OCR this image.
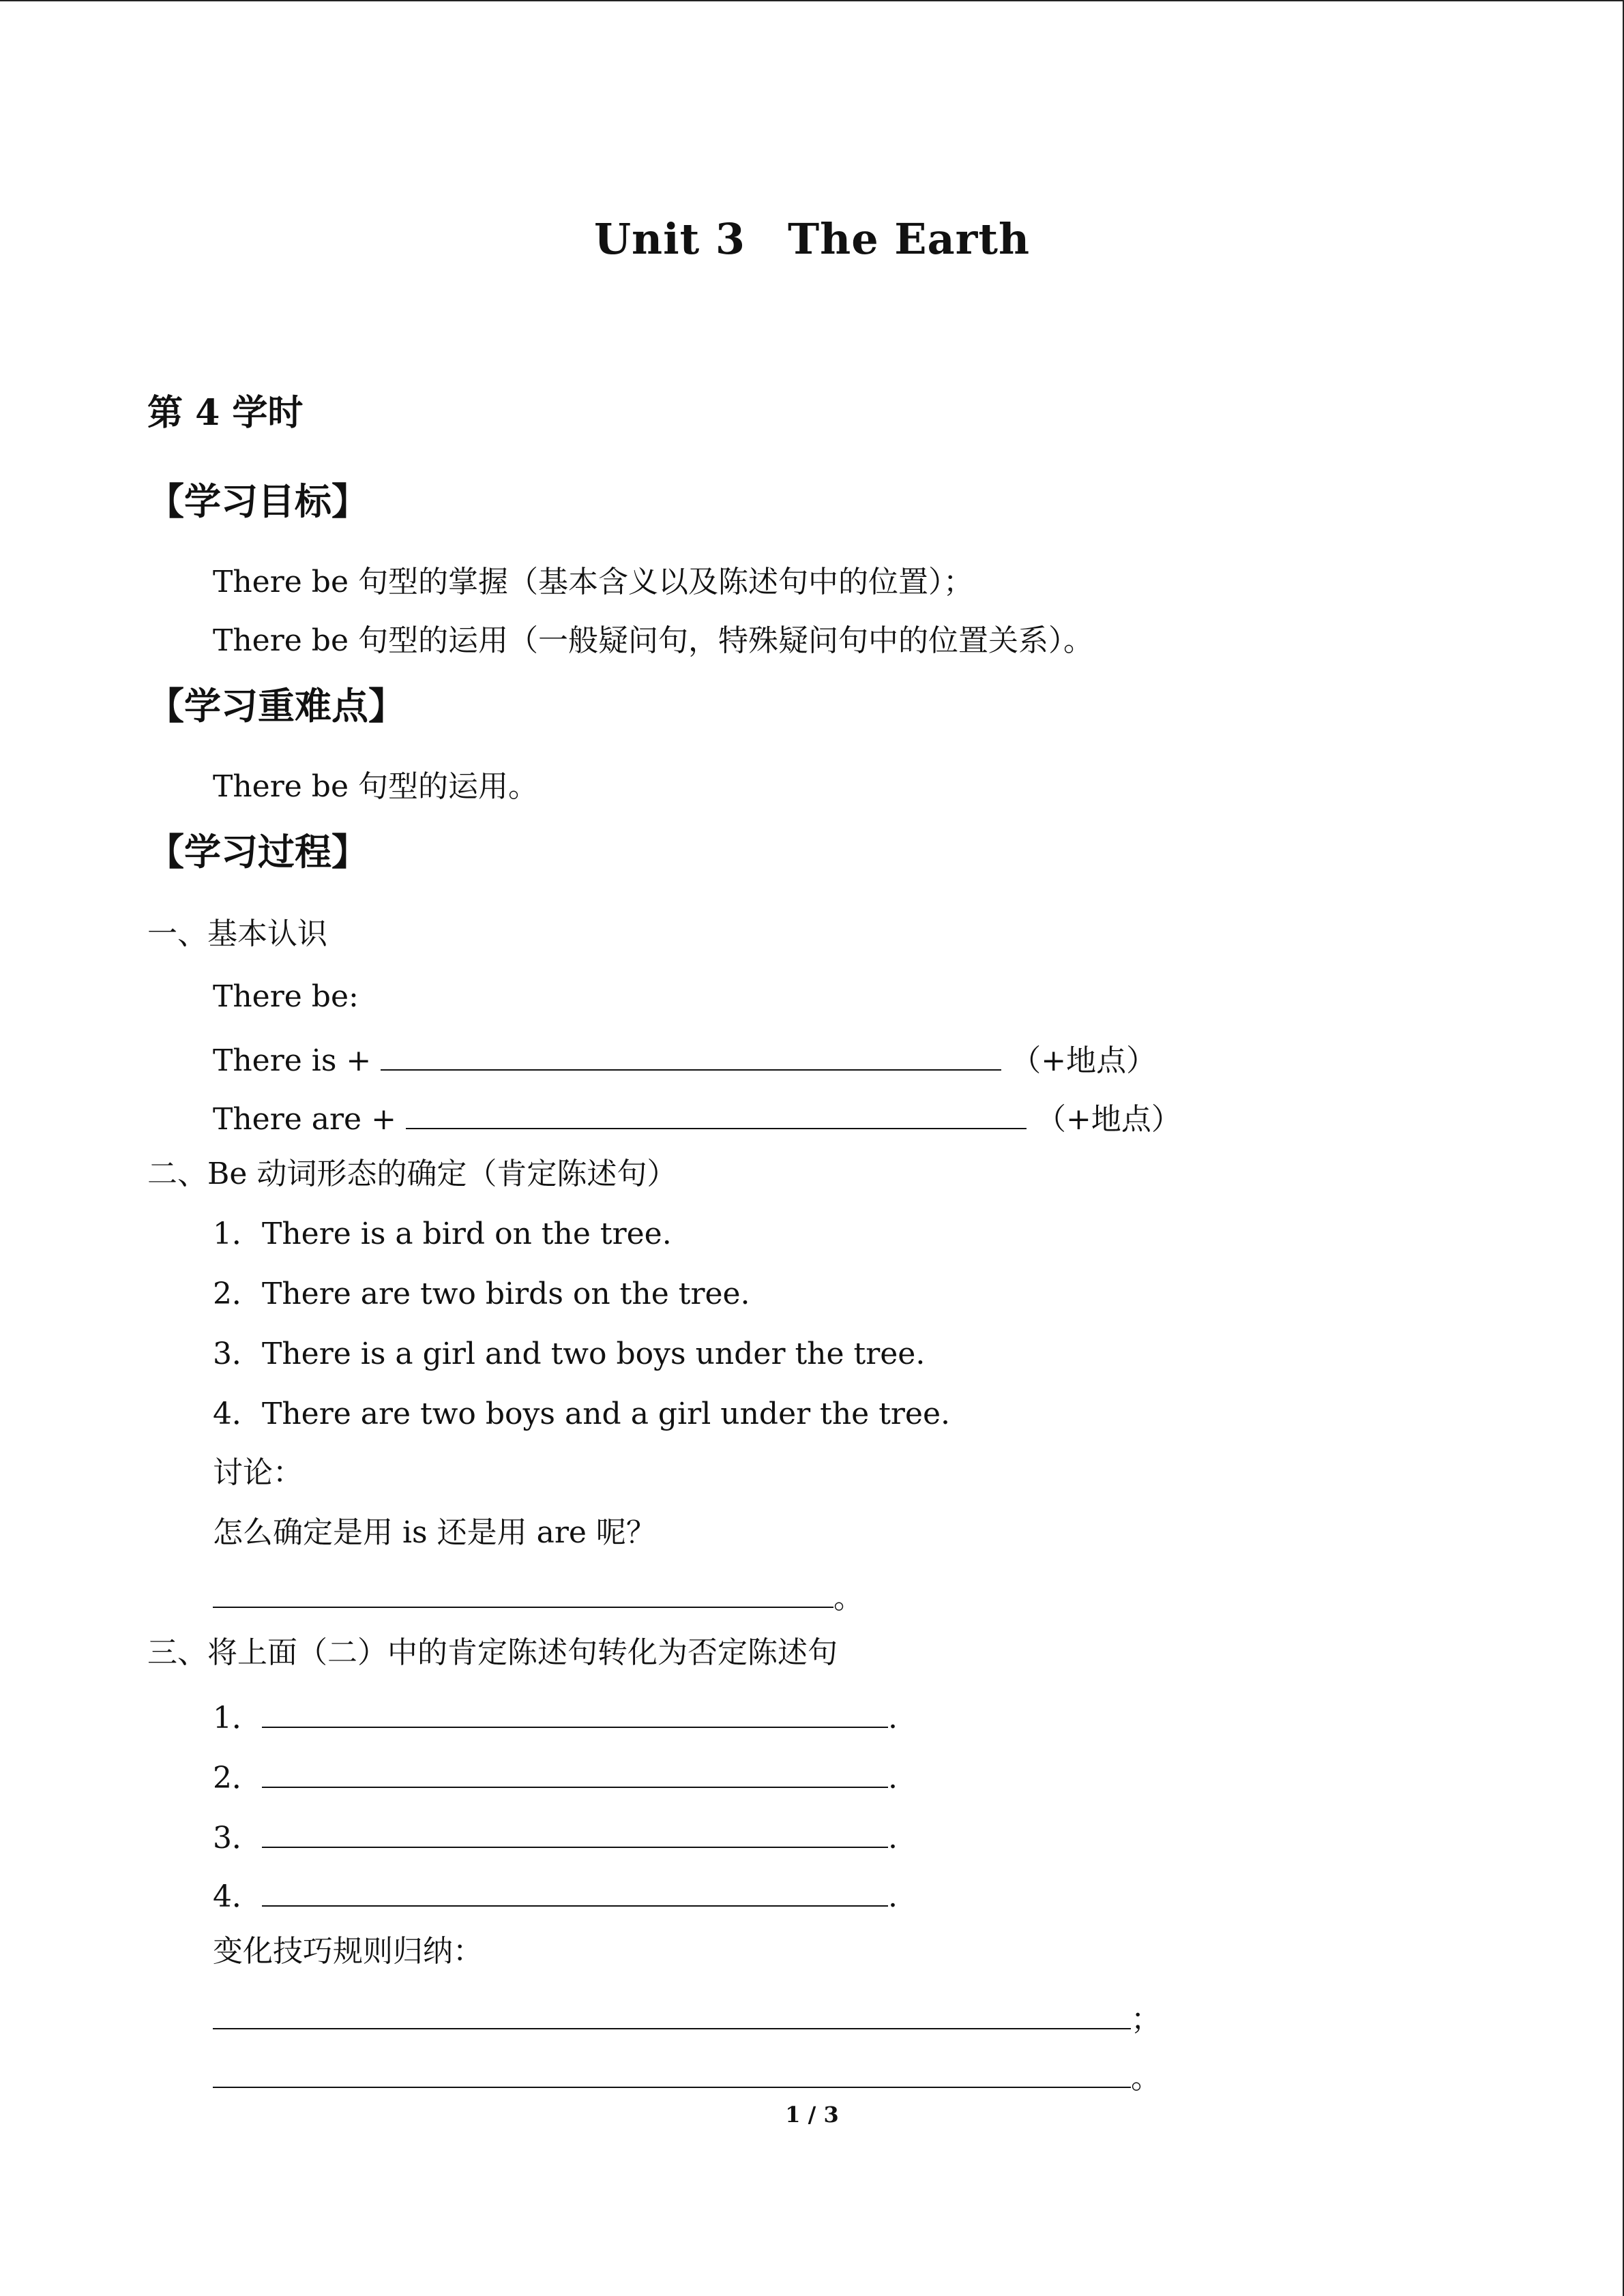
Unit 3 The Earth
第 4 学时
【学习目标】
There be 句型的掌握（基本含义以及陈述句中的位置）；
There be 句型的运用（一般疑问句，特殊疑问句中的位置关系）。
【学习重难点】
There be 句型的运用。
【学习过程】
一、基本认识
There be:
There is +	（+地点）
There are +	（+地点）
二、Be 动词形态的确定（肯定陈述句）
1．There is a bird on the tree.
2．There are two birds on the tree.
3．There is a girl and two boys under the tree.
4．There are two boys and a girl under the tree.
讨论：
怎么确定是用 is 还是用 are 呢？
。
三、将上面（二）中的肯定陈述句转化为否定陈述句
1．	.
2．	.
3．	.
4．	.
变化技巧规则归纳：
；
。
1 / 3
